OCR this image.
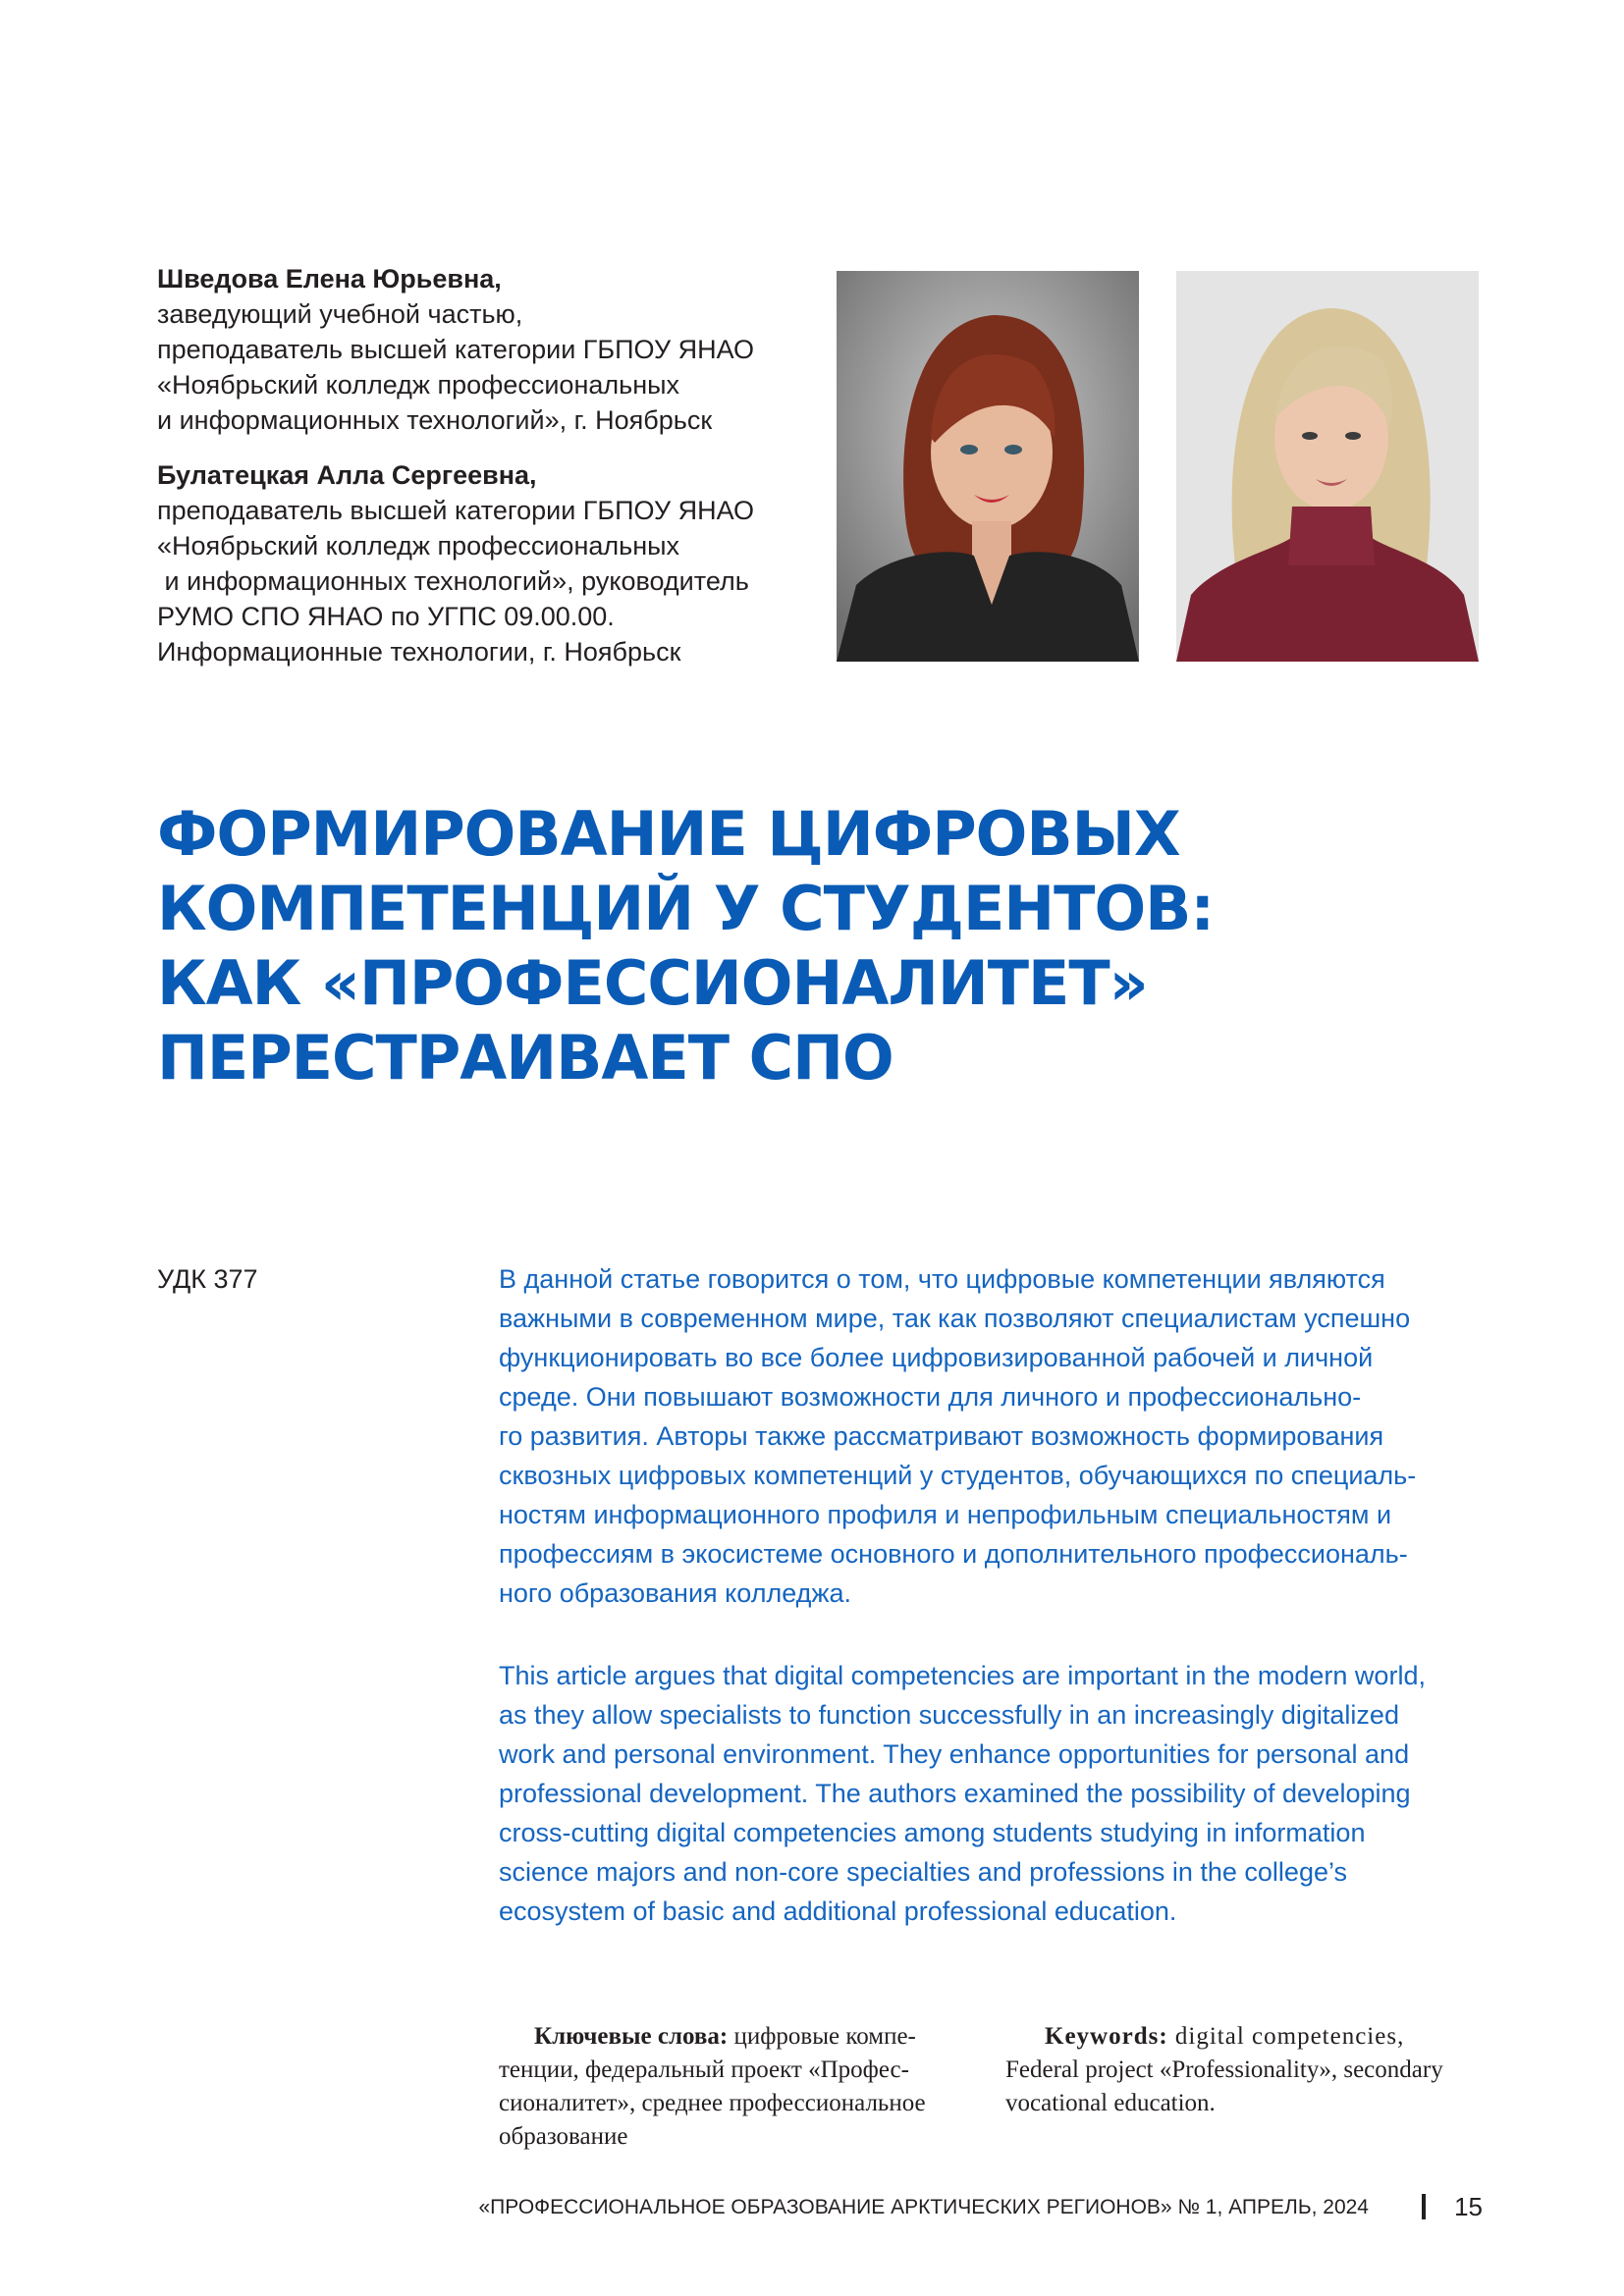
Шведова Елена Юрьевна,
заведующий учебной частью,
преподаватель высшей категории ГБПОУ ЯНАО
«Ноябрьский колледж профессиональных
и информационных технологий», г. Ноябрьск
Булатецкая Алла Сергеевна,
преподаватель высшей категории ГБПОУ ЯНАО
«Ноябрьский колледж профессиональных
и информационных технологий», руководитель
РУМО СПО ЯНАО по УГПС 09.00.00.
Информационные технологии, г. Ноябрьск
ФОРМИРОВАНИЕ ЦИФРОВЫХ
КОМПЕТЕНЦИЙ У СТУДЕНТОВ:
КАК «ПРОФЕССИОНАЛИТЕТ»
ПЕРЕСТРАИВАЕТ СПО
УДК 377	В данной статье говорится о том, что цифровые компетенции являются
важными в современном мире, так как позволяют специалистам успешно
функционировать во все более цифровизированной рабочей и личной
среде. Они повышают возможности для личного и профессионально-
го развития. Авторы также рассматривают возможность формирования
сквозных цифровых компетенций у студентов, обучающихся по специаль-
ностям информационного профиля и непрофильным специальностям и
профессиям в экосистеме основного и дополнительного профессиональ-
ного образования колледжа.
This article argues that digital competencies are important in the modern world,
as they allow specialists to function successfully in an increasingly digitalized
work and personal environment. They enhance opportunities for personal and
professional development. The authors examined the possibility of developing
cross-cutting digital competencies among students studying in information
science majors and non-core specialties and professions in the college’s
ecosystem of basic and additional professional education.
Ключевые слова: цифровые компе-
тенции, федеральный проект «Профес-
сионалитет», среднее профессиональное
образование
Keywords: digital competencies,
Federal project «Professionality», secondary
vocational education.
«ПРОФЕССИОНАЛЬНОЕ ОБРАЗОВАНИЕ АРКТИЧЕСКИХ РЕГИОНОВ» № 1, АПРЕЛЬ, 2024	15
